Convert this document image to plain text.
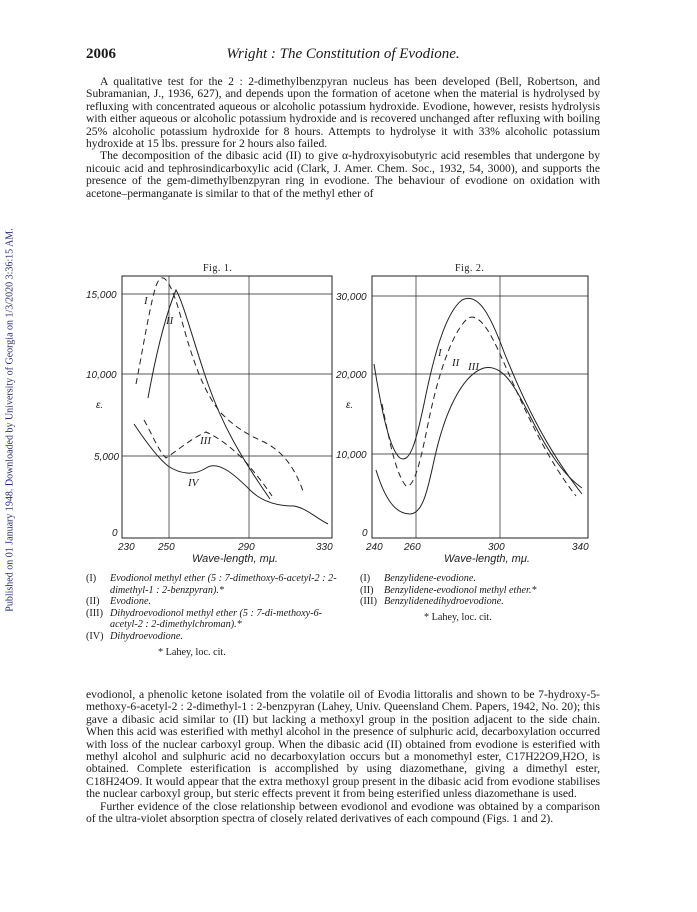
Published on 01 January 1948. Downloaded by University of Georgia on 1/3/2020 3:36:15 AM.
2006	Wright : The Constitution of Evodione.

A qualitative test for the 2 : 2-dimethylbenzpyran nucleus has been developed (Bell, Robertson, and Subramanian, J., 1936, 627), and depends upon the formation of acetone when the material is hydrolysed by refluxing with concentrated aqueous or alcoholic potassium hydroxide. Evodione, however, resists hydrolysis with either aqueous or alcoholic potassium hydroxide and is recovered unchanged after refluxing with boiling 25% alcoholic potassium hydroxide for 8 hours. Attempts to hydrolyse it with 33% alcoholic potassium hydroxide at 15 lbs. pressure for 2 hours also failed.

The decomposition of the dibasic acid (II) to give α-hydroxyisobutyric acid resembles that undergone by nicouic acid and tephrosindicarboxylic acid (Clark, J. Amer. Chem. Soc., 1932, 54, 3000), and supports the presence of the gem-dimethylbenzpyran ring in evodione. The behaviour of evodione on oxidation with acetone–permanganate is similar to that of the methyl ether of

Fig. 1.	Fig. 2.
15,000
10,000
5,000
0
ε.
230 250	290	330
Wave-length, mμ.
I
II
III
IV
30,000
20,000
10,000
0
ε.
240 260	300	340
Wave-length, mμ.
I
II III
(I)	Evodionol methyl ether (5 : 7-dimethoxy-6-acetyl-2 : 2-dimethyl-1 : 2-benzpyran).*
(II)	Evodione.
(III) Dihydroevodionol methyl ether (5 : 7-di-methoxy-6-acetyl-2 : 2-dimethylchroman).*
(IV) Dihydroevodione.
* Lahey, loc. cit.
(I)	Benzylidene-evodione.
(II)	Benzylidene-evodionol methyl ether.*
(III) Benzylidenedihydroevodione.
* Lahey, loc. cit.

evodionol, a phenolic ketone isolated from the volatile oil of Evodia littoralis and shown to be 7-hydroxy-5-methoxy-6-acetyl-2 : 2-dimethyl-1 : 2-benzpyran (Lahey, Univ. Queensland Chem. Papers, 1942, No. 20); this gave a dibasic acid similar to (II) but lacking a methoxyl group in the position adjacent to the side chain. When this acid was esterified with methyl alcohol in the presence of sulphuric acid, decarboxylation occurred with loss of the nuclear carboxyl group. When the dibasic acid (II) obtained from evodione is esterified with methyl alcohol and sulphuric acid no decarboxylation occurs but a monomethyl ester, C17H22O9,H2O, is obtained. Complete esterification is accomplished by using diazomethane, giving a dimethyl ester, C18H24O9. It would appear that the extra methoxyl group present in the dibasic acid from evodione stabilises the nuclear carboxyl group, but steric effects prevent it from being esterified unless diazomethane is used.

Further evidence of the close relationship between evodionol and evodione was obtained by a comparison of the ultra-violet absorption spectra of closely related derivatives of each compound (Figs. 1 and 2).
